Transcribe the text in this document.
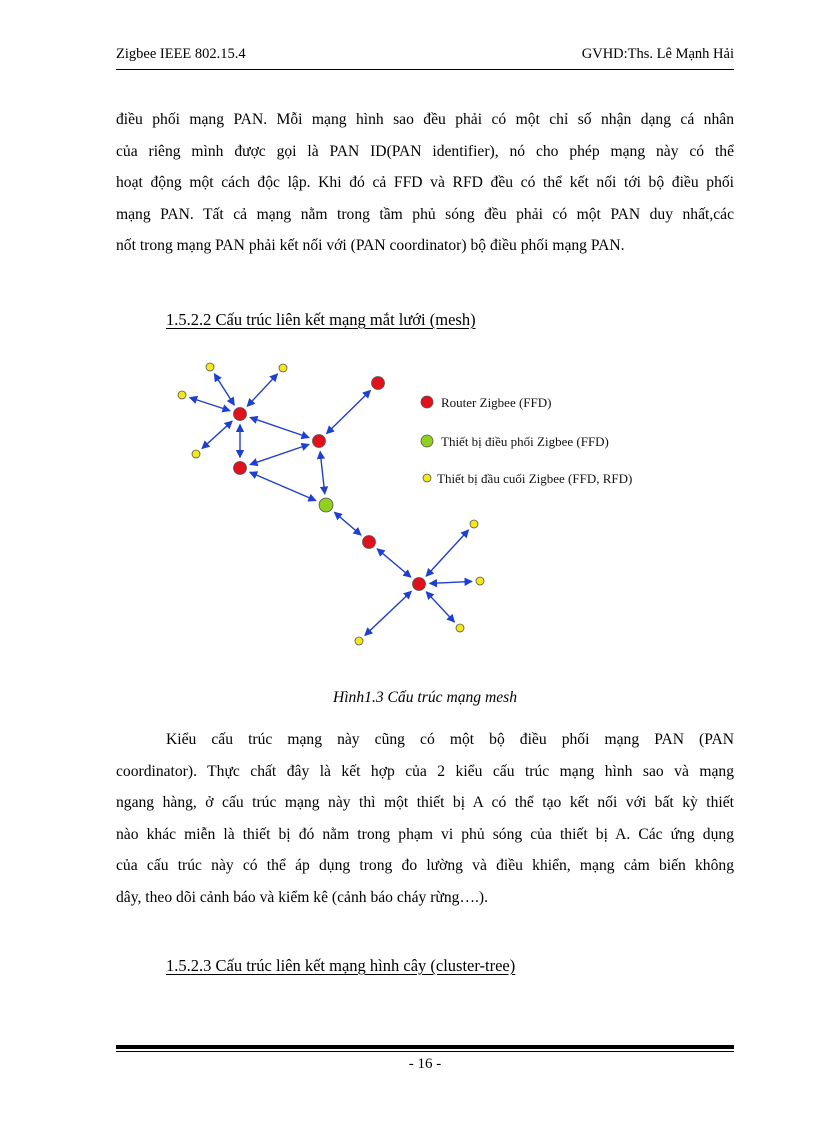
Zigbee IEEE 802.15.4	GVHD:Ths. Lê Mạnh Hải

điều phối mạng PAN. Mỗi mạng hình sao đều phải có một chỉ số nhận dạng cá nhân
của riêng mình được gọi là PAN ID(PAN identifier), nó cho phép mạng này có thể
hoạt động một cách độc lập. Khi đó cả FFD và RFD đều có thể kết nối tới bộ điều phối
mạng PAN. Tất cả mạng nằm trong tầm phủ sóng đều phải có một PAN duy nhất,các
nốt trong mạng PAN phải kết nối với (PAN coordinator) bộ điều phối mạng PAN.

1.5.2.2 Cấu trúc liên kết mạng mắt lưới (mesh)
Router Zigbee (FFD)
Thiết bị điều phối Zigbee (FFD)
Thiết bị đầu cuối Zigbee (FFD, RFD)
Hình1.3 Cấu trúc mạng mesh

Kiểu cấu trúc mạng này cũng có một bộ điều phối mạng PAN (PAN
coordinator). Thực chất đây là kết hợp của 2 kiểu cấu trúc mạng hình sao và mạng
ngang hàng, ở cấu trúc mạng này thì một thiết bị A có thể tạo kết nối với bất kỳ thiết
nào khác miễn là thiết bị đó nằm trong phạm vi phủ sóng của thiết bị A. Các ứng dụng
của cấu trúc này có thể áp dụng trong đo lường và điều khiển, mạng cảm biến không
dây, theo dõi cảnh báo và kiểm kê (cảnh báo cháy rừng….).

1.5.2.3 Cấu trúc liên kết mạng hình cây (cluster-tree)
- 16 -
